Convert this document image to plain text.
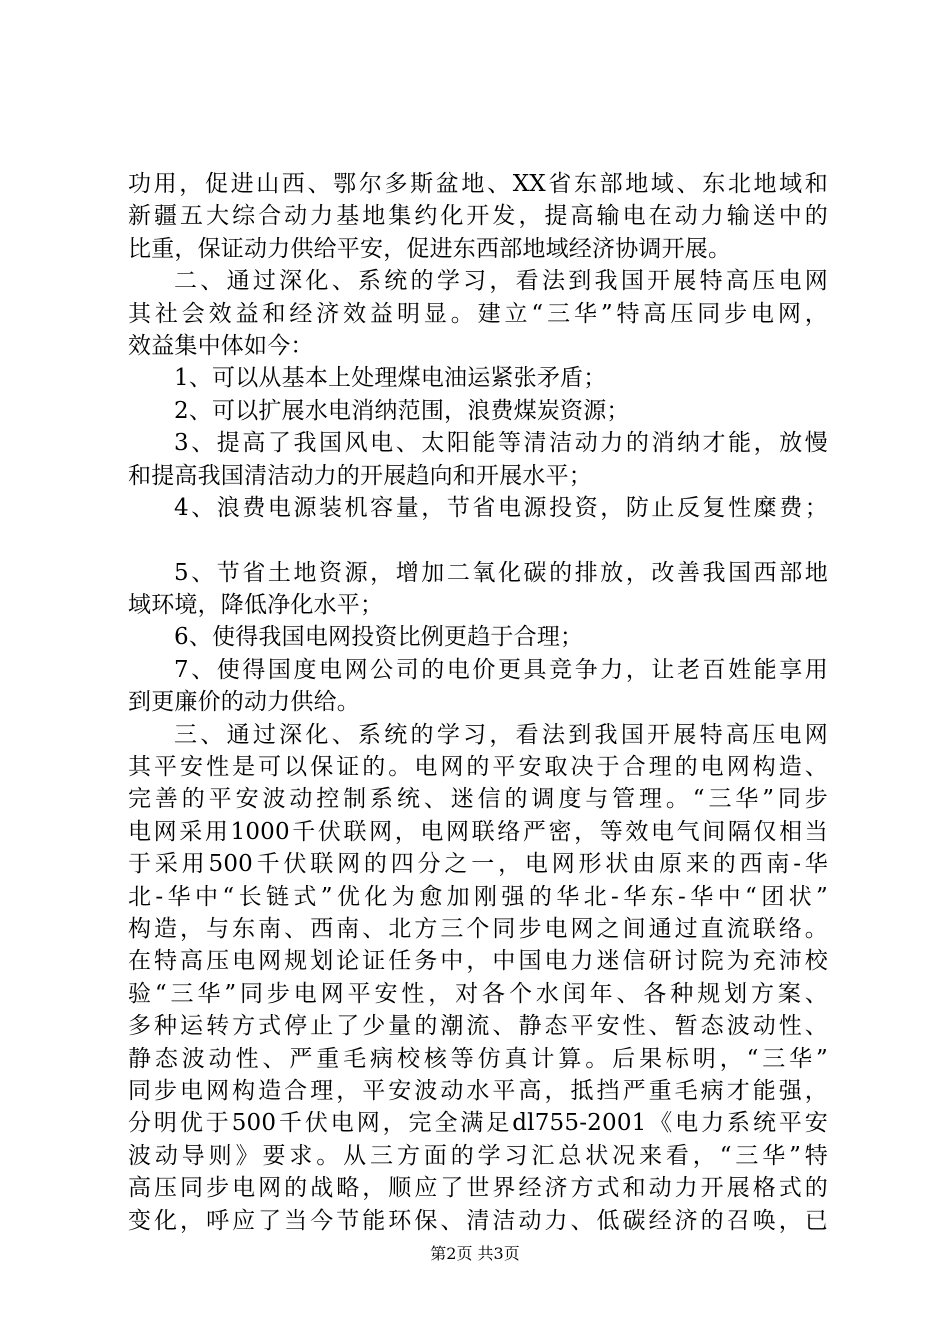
功用，促进山西、鄂尔多斯盆地、XX省东部地域、东北地域和
新疆五大综合动力基地集约化开发，提高输电在动力输送中的
比重，保证动力供给平安，促进东西部地域经济协调开展。
二、通过深化、系统的学习，看法到我国开展特高压电网
其社会效益和经济效益明显。建立“三华”特高压同步电网，
效益集中体如今：
1、可以从基本上处理煤电油运紧张矛盾；
2、可以扩展水电消纳范围，浪费煤炭资源；
3、提高了我国风电、太阳能等清洁动力的消纳才能，放慢
和提高我国清洁动力的开展趋向和开展水平；
4、浪费电源装机容量，节省电源投资，防止反复性糜费；
5、节省土地资源，增加二氧化碳的排放，改善我国西部地
域环境，降低净化水平；
6、使得我国电网投资比例更趋于合理；
7、使得国度电网公司的电价更具竞争力，让老百姓能享用
到更廉价的动力供给。
三、通过深化、系统的学习，看法到我国开展特高压电网
其平安性是可以保证的。电网的平安取决于合理的电网构造、
完善的平安波动控制系统、迷信的调度与管理。“三华”同步
电网采用1000千伏联网，电网联络严密，等效电气间隔仅相当
于采用500千伏联网的四分之一，电网形状由原来的西南-华
北-华中“长链式”优化为愈加刚强的华北-华东-华中“团状”
构造，与东南、西南、北方三个同步电网之间通过直流联络。
在特高压电网规划论证任务中，中国电力迷信研讨院为充沛校
验“三华”同步电网平安性，对各个水闰年、各种规划方案、
多种运转方式停止了少量的潮流、静态平安性、暂态波动性、
静态波动性、严重毛病校核等仿真计算。后果标明，“三华”
同步电网构造合理，平安波动水平高，抵挡严重毛病才能强，
分明优于500千伏电网，完全满足dl755-2001《电力系统平安
波动导则》要求。从三方面的学习汇总状况来看，“三华”特
高压同步电网的战略，顺应了世界经济方式和动力开展格式的
变化，呼应了当今节能环保、清洁动力、低碳经济的召唤，已
第2页 共3页
